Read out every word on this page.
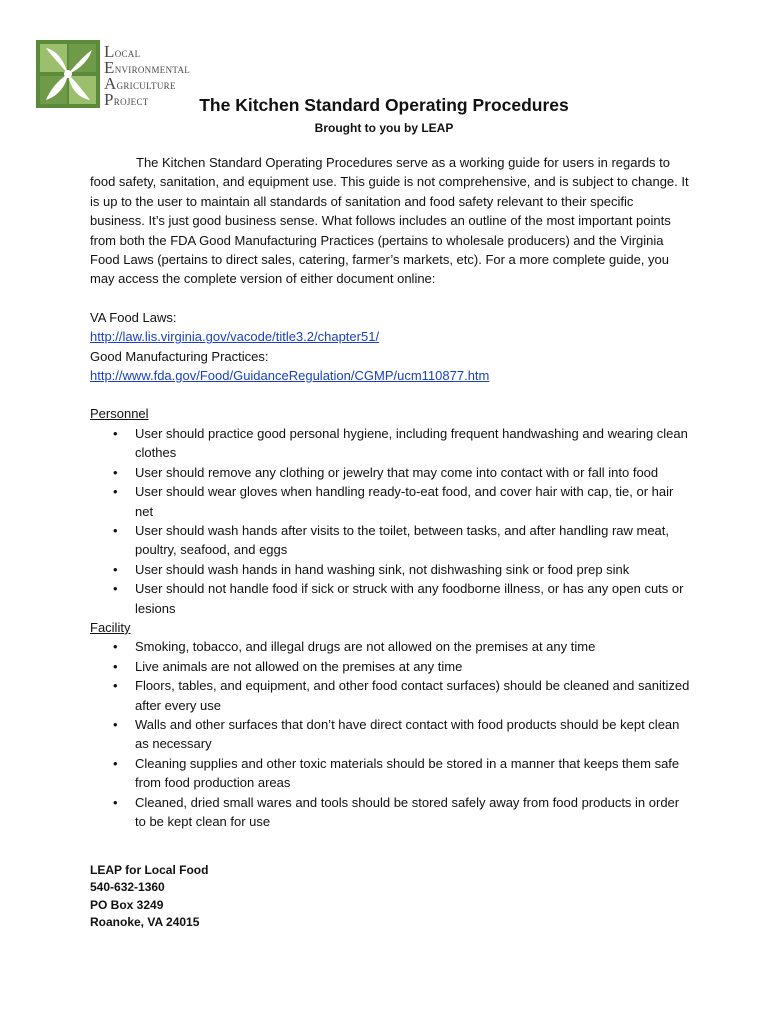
Local
Environmental
Agriculture
Project	The Kitchen Standard Operating Procedures
Brought to you by LEAP

The Kitchen Standard Operating Procedures serve as a working guide for users in regards to food safety, sanitation, and equipment use. This guide is not comprehensive, and is subject to change. It is up to the user to maintain all standards of sanitation and food safety relevant to their specific business. It’s just good business sense. What follows includes an outline of the most important points from both the FDA Good Manufacturing Practices (pertains to wholesale producers) and the Virginia Food Laws (pertains to direct sales, catering, farmer’s markets, etc). For a more complete guide, you may access the complete version of either document online:

VA Food Laws:
http://law.lis.virginia.gov/vacode/title3.2/chapter51/
Good Manufacturing Practices:
http://www.fda.gov/Food/GuidanceRegulation/CGMP/ucm110877.htm
Personnel
• User should practice good personal hygiene, including frequent handwashing and wearing clean clothes
• User should remove any clothing or jewelry that may come into contact with or fall into food
• User should wear gloves when handling ready-to-eat food, and cover hair with cap, tie, or hair net
• User should wash hands after visits to the toilet, between tasks, and after handling raw meat, poultry, seafood, and eggs
• User should wash hands in hand washing sink, not dishwashing sink or food prep sink
• User should not handle food if sick or struck with any foodborne illness, or has any open cuts or lesions
Facility
• Smoking, tobacco, and illegal drugs are not allowed on the premises at any time
• Live animals are not allowed on the premises at any time
• Floors, tables, and equipment, and other food contact surfaces) should be cleaned and sanitized after every use
• Walls and other surfaces that don’t have direct contact with food products should be kept clean as necessary
• Cleaning supplies and other toxic materials should be stored in a manner that keeps them safe from food production areas
• Cleaned, dried small wares and tools should be stored safely away from food products in order to be kept clean for use
LEAP for Local Food
540-632-1360
PO Box 3249
Roanoke, VA 24015
